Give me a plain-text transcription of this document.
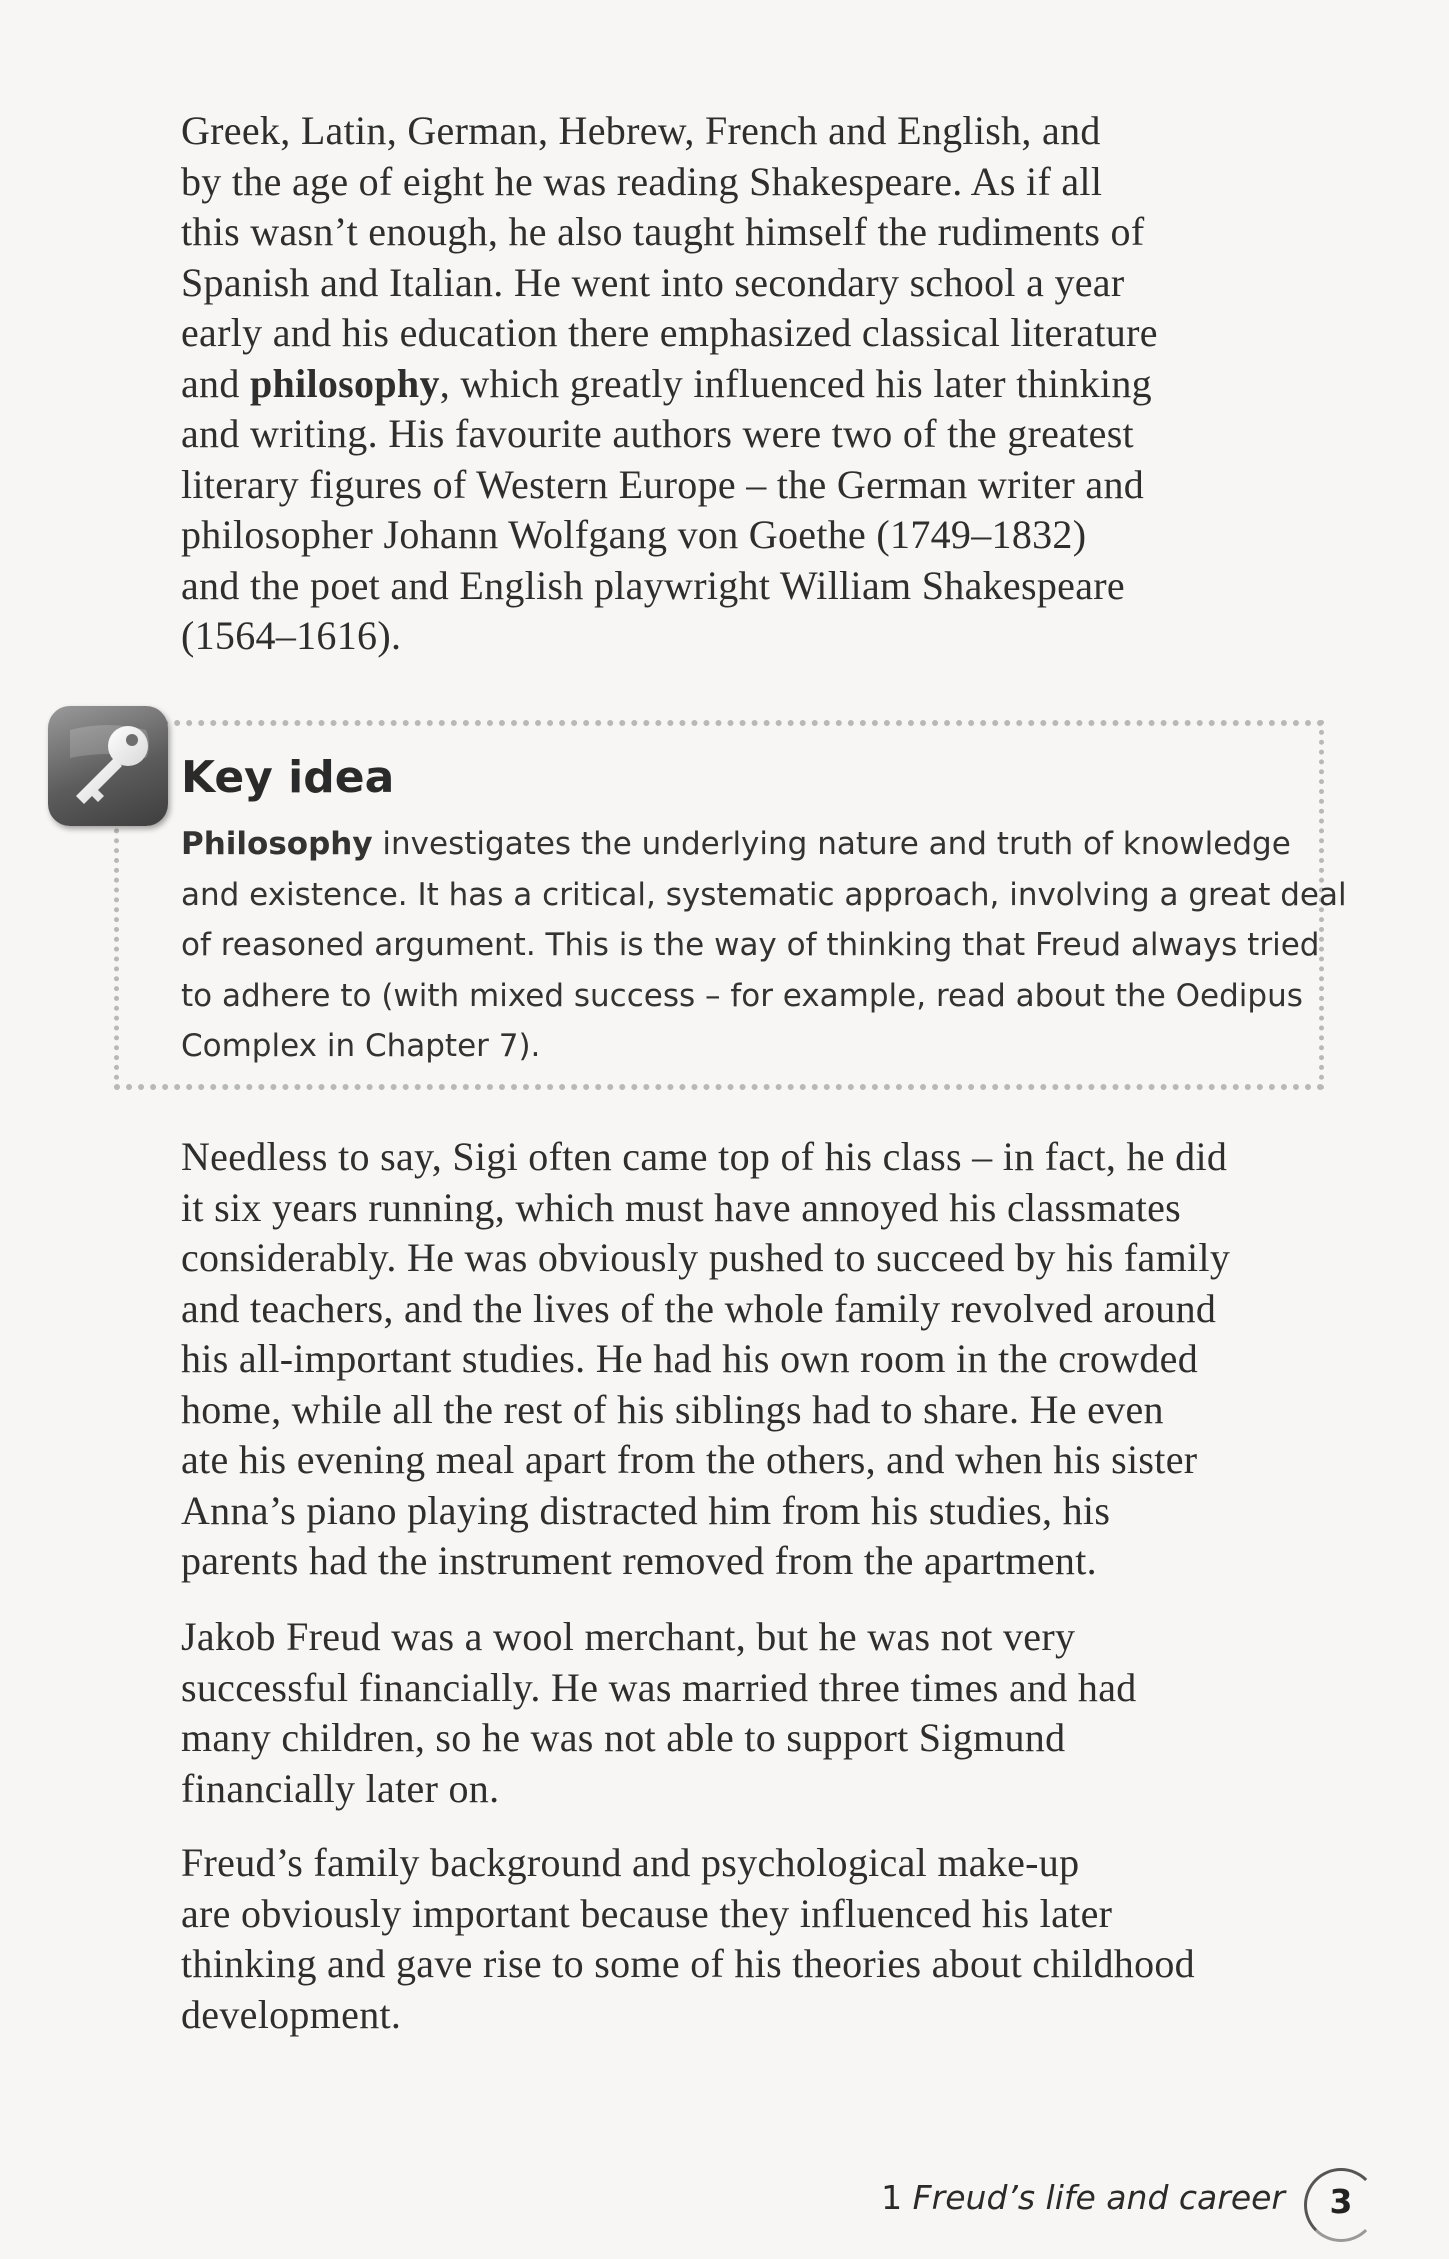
Greek, Latin, German, Hebrew, French and English, and
by the age of eight he was reading Shakespeare. As if all
this wasn’t enough, he also taught himself the rudiments of
Spanish and Italian. He went into secondary school a year
early and his education there emphasized classical literature
and philosophy, which greatly influenced his later thinking
and writing. His favourite authors were two of the greatest
literary figures of Western Europe – the German writer and
philosopher Johann Wolfgang von Goethe (1749–1832)
and the poet and English playwright William Shakespeare
(1564–1616).

Key idea

Philosophy investigates the underlying nature and truth of knowledge
and existence. It has a critical, systematic approach, involving a great deal
of reasoned argument. This is the way of thinking that Freud always tried
to adhere to (with mixed success – for example, read about the Oedipus
Complex in Chapter 7).

Needless to say, Sigi often came top of his class – in fact, he did
it six years running, which must have annoyed his classmates
considerably. He was obviously pushed to succeed by his family
and teachers, and the lives of the whole family revolved around
his all-important studies. He had his own room in the crowded
home, while all the rest of his siblings had to share. He even
ate his evening meal apart from the others, and when his sister
Anna’s piano playing distracted him from his studies, his
parents had the instrument removed from the apartment.

Jakob Freud was a wool merchant, but he was not very
successful financially. He was married three times and had
many children, so he was not able to support Sigmund
financially later on.

Freud’s family background and psychological make-up
are obviously important because they influenced his later
thinking and gave rise to some of his theories about childhood
development.

1 Freud’s life and career	3
